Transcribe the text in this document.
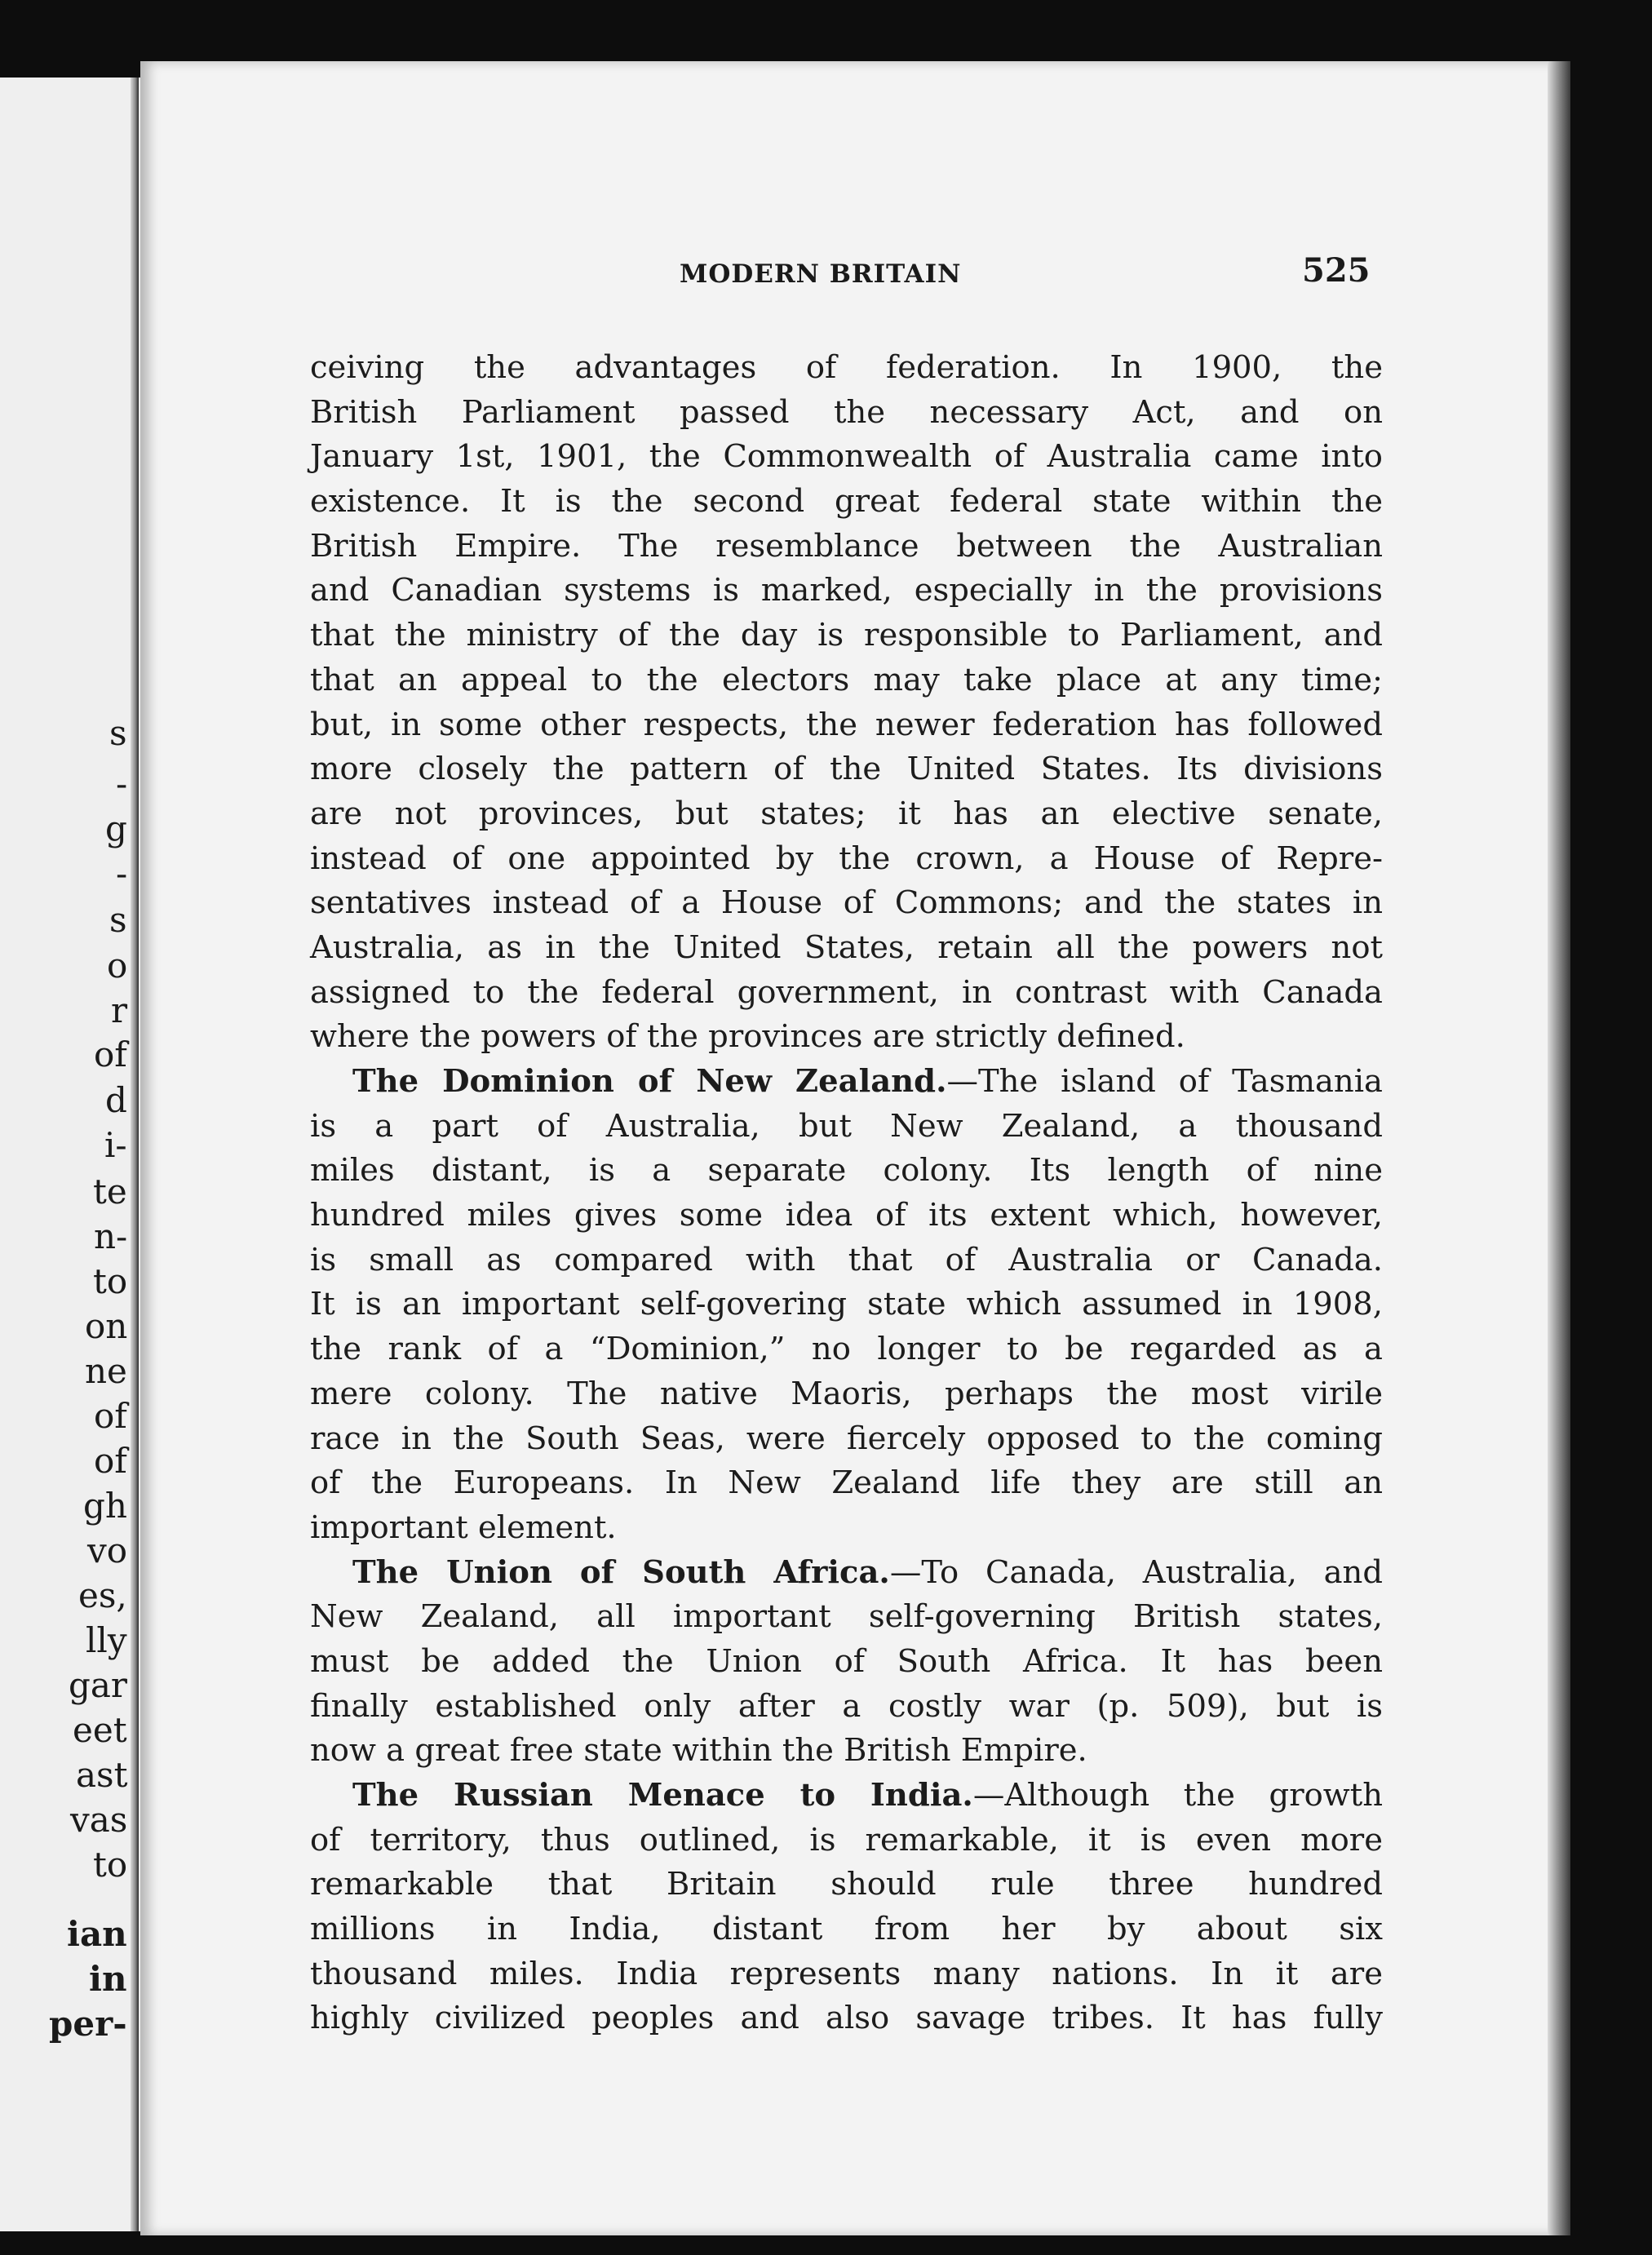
s
-
g
-
s
o
r
of
d
i-
te
n-
to
on
ne
of
of
gh
vo
es,
lly
gar
eet
ast
vas
to
ian
in
per-
MODERN BRITAIN	525
ceiving the advantages of federation. In 1900, the
British Parliament passed the necessary Act, and on
January 1st, 1901, the Commonwealth of Australia came into
existence. It is the second great federal state within the
British Empire. The resemblance between the Australian
and Canadian systems is marked, especially in the provisions
that the ministry of the day is responsible to Parliament, and
that an appeal to the electors may take place at any time;
but, in some other respects, the newer federation has followed
more closely the pattern of the United States. Its divisions
are not provinces, but states; it has an elective senate,
instead of one appointed by the crown, a House of Repre-
sentatives instead of a House of Commons; and the states in
Australia, as in the United States, retain all the powers not
assigned to the federal government, in contrast with Canada
where the powers of the provinces are strictly defined.
The Dominion of New Zealand.—The island of Tasmania
is a part of Australia, but New Zealand, a thousand
miles distant, is a separate colony. Its length of nine
hundred miles gives some idea of its extent which, however,
is small as compared with that of Australia or Canada.
It is an important self-govering state which assumed in 1908,
the rank of a “Dominion,” no longer to be regarded as a
mere colony. The native Maoris, perhaps the most virile
race in the South Seas, were fiercely opposed to the coming
of the Europeans. In New Zealand life they are still an
important element.
The Union of South Africa.—To Canada, Australia, and
New Zealand, all important self-governing British states,
must be added the Union of South Africa. It has been
finally established only after a costly war (p. 509), but is
now a great free state within the British Empire.
The Russian Menace to India.—Although the growth
of territory, thus outlined, is remarkable, it is even more
remarkable that Britain should rule three hundred
millions in India, distant from her by about six
thousand miles. India represents many nations. In it are
highly civilized peoples and also savage tribes. It has fully
